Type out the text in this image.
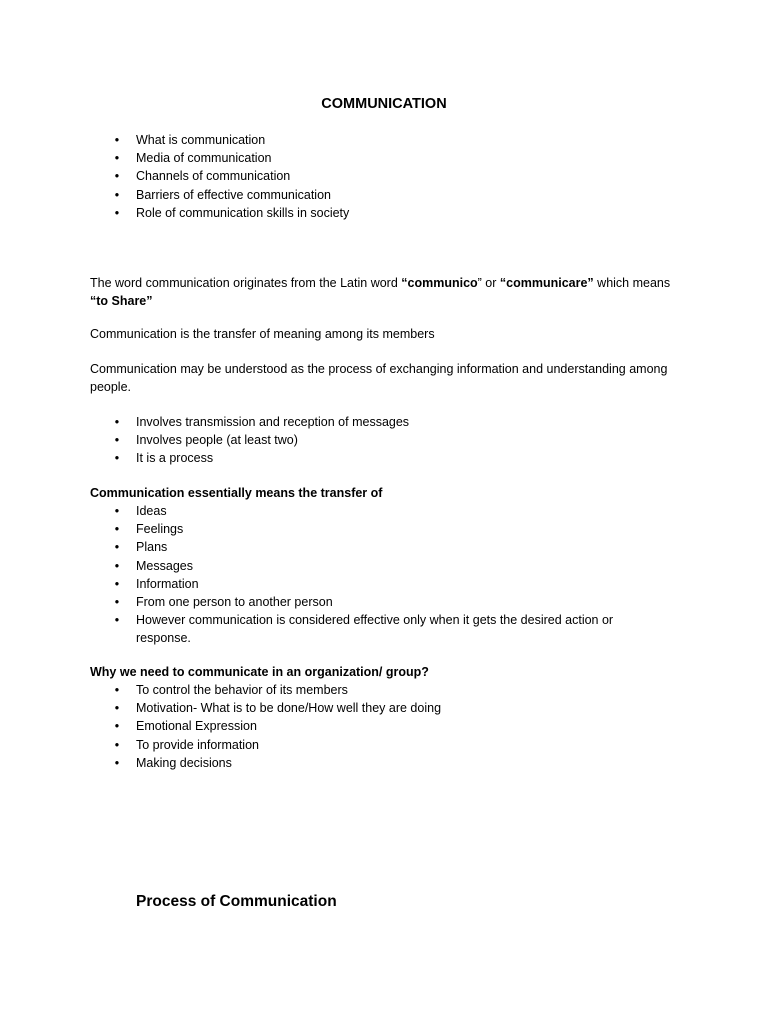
COMMUNICATION
• What is communication
• Media of communication
• Channels of communication
• Barriers of effective communication
• Role of communication skills in society

The word communication originates from the Latin word “communico” or “communicare” which means
“to Share”

Communication is the transfer of meaning among its members

Communication may be understood as the process of exchanging information and understanding among people.

• Involves transmission and reception of messages
• Involves people (at least two)
• It is a process

Communication essentially means the transfer of

• Ideas
• Feelings
• Plans
• Messages
• Information
• From one person to another person
• However communication is considered effective only when it gets the desired action or response.

Why we need to communicate in an organization/ group?

• To control the behavior of its members
• Motivation- What is to be done/How well they are doing
• Emotional Expression
• To provide information
• Making decisions
Process of Communication
